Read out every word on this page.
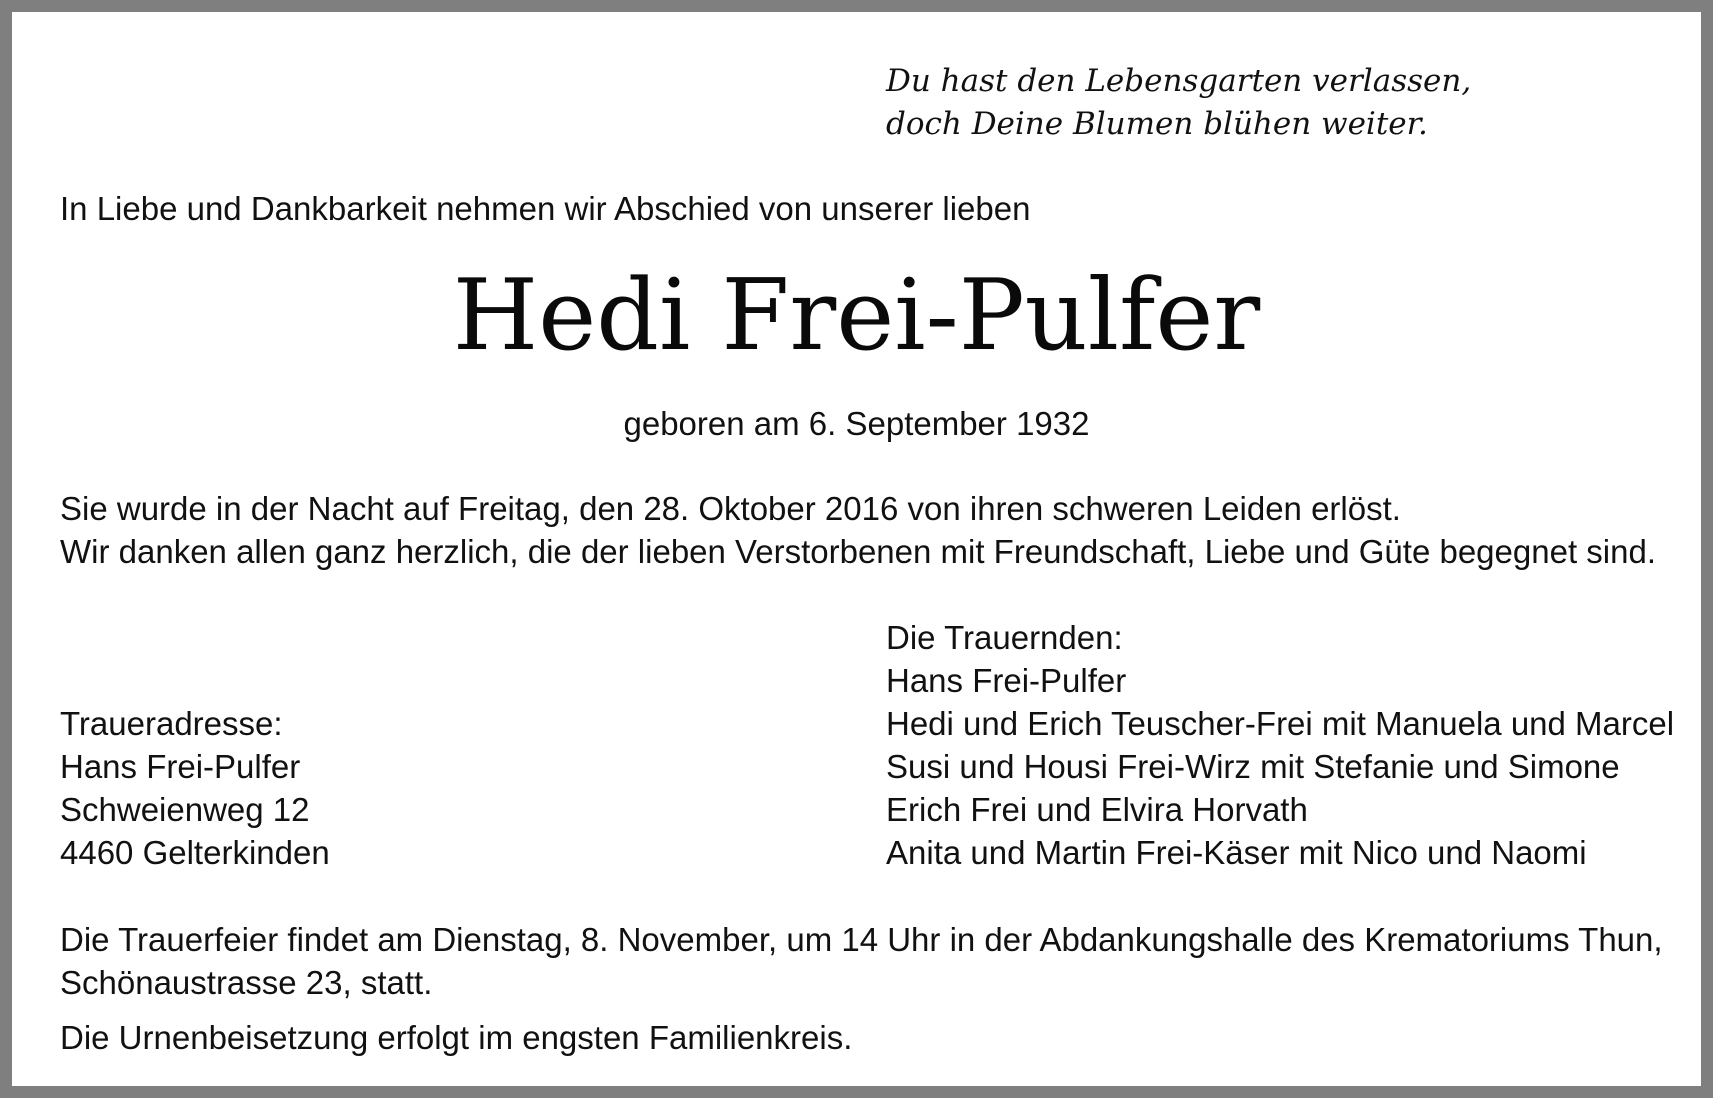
Du hast den Lebensgarten verlassen,
doch Deine Blumen blühen weiter.

In Liebe und Dankbarkeit nehmen wir Abschied von unserer lieben

Hedi Frei-Pulfer

geboren am 6. September 1932

Sie wurde in der Nacht auf Freitag, den 28. Oktober 2016 von ihren schweren Leiden erlöst.
Wir danken allen ganz herzlich, die der lieben Verstorbenen mit Freundschaft, Liebe und Güte begegnet sind.
Die Trauernden:
Hans Frei-Pulfer
Hedi und Erich Teuscher-Frei mit Manuela und Marcel
Susi und Housi Frei-Wirz mit Stefanie und Simone
Erich Frei und Elvira Horvath
Anita und Martin Frei-Käser mit Nico und Naomi
Traueradresse:
Hans Frei-Pulfer
Schweienweg 12
4460 Gelterkinden
Die Trauerfeier findet am Dienstag, 8. November, um 14 Uhr in der Abdankungshalle des Krematoriums Thun,
Schönaustrasse 23, statt.

Die Urnenbeisetzung erfolgt im engsten Familienkreis.
